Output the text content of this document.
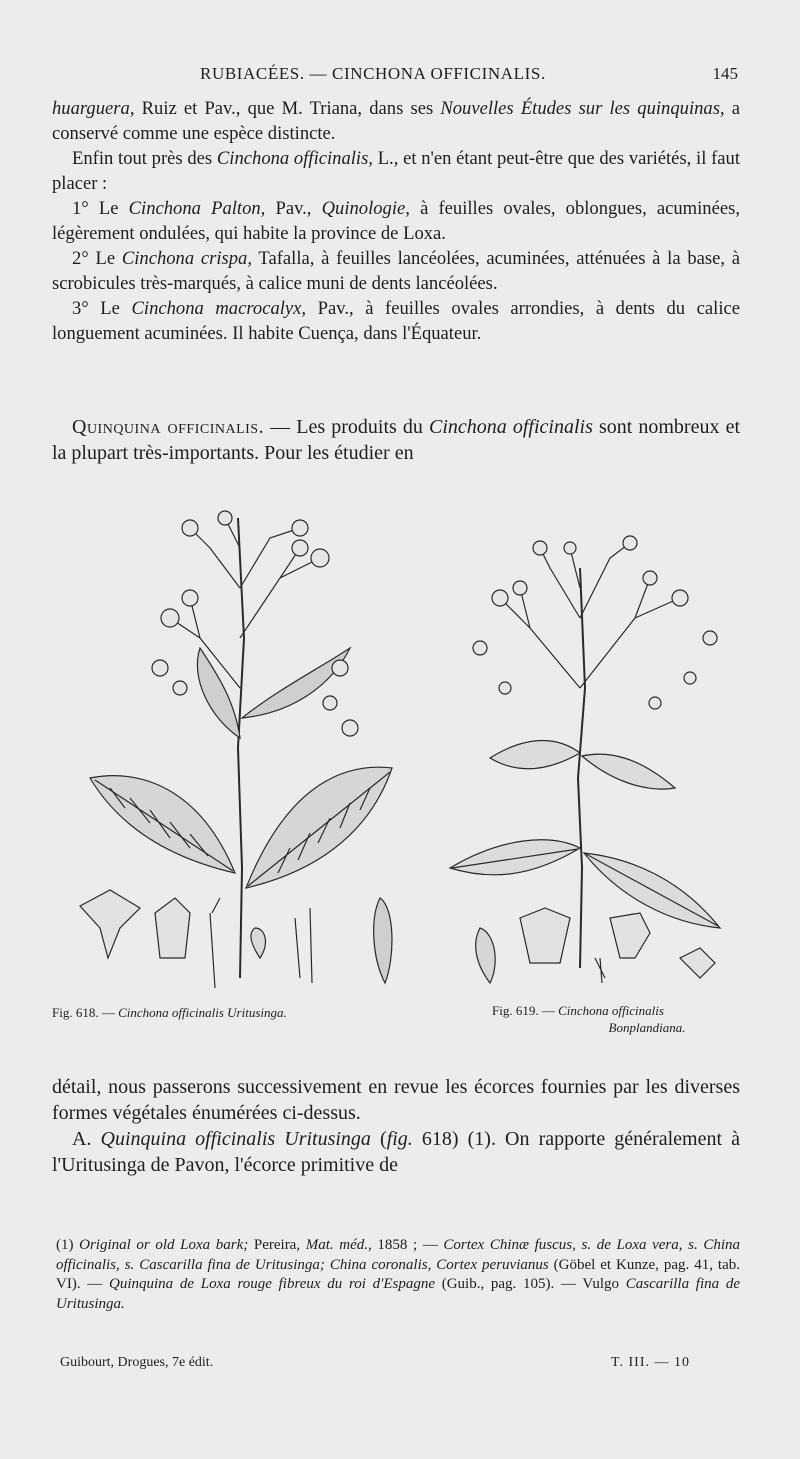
RUBIACÉES. — CINCHONA OFFICINALIS.	145

huarguera, Ruiz et Pav., que M. Triana, dans ses Nouvelles Études sur les quinquinas, a conservé comme une espèce distincte.

Enfin tout près des Cinchona officinalis, L., et n'en étant peut-être que des variétés, il faut placer :

1° Le Cinchona Palton, Pav., Quinologie, à feuilles ovales, oblongues, acuminées, légèrement ondulées, qui habite la province de Loxa.

2° Le Cinchona crispa, Tafalla, à feuilles lancéolées, acuminées, atténuées à la base, à scrobicules très-marqués, à calice muni de dents lancéolées.

3° Le Cinchona macrocalyx, Pav., à feuilles ovales arrondies, à dents du calice longuement acuminées. Il habite Cuença, dans l'Équateur.

Quinquina officinalis. — Les produits du Cinchona officinalis sont nombreux et la plupart très-importants. Pour les étudier en

Fig. 618. — Cinchona officinalis Uritusinga.	Fig. 619. — Cinchona officinalis
Bonplandiana.

détail, nous passerons successivement en revue les écorces fournies par les diverses formes végétales énumérées ci-dessus.

A. Quinquina officinalis Uritusinga (fig. 618) (1). On rapporte généralement à l'Uritusinga de Pavon, l'écorce primitive de

(1) Original or old Loxa bark; Pereira, Mat. méd., 1858 ; — Cortex Chinæ fuscus, s. de Loxa vera, s. China officinalis, s. Cascarilla fina de Uritusinga; China coronalis, Cortex peruvianus (Göbel et Kunze, pag. 41, tab. VI). — Quinquina de Loxa rouge fibreux du roi d'Espagne (Guib., pag. 105). — Vulgo Cascarilla fina de Uritusinga.

Guibourt, Drogues, 7e édit.	T. III. — 10
